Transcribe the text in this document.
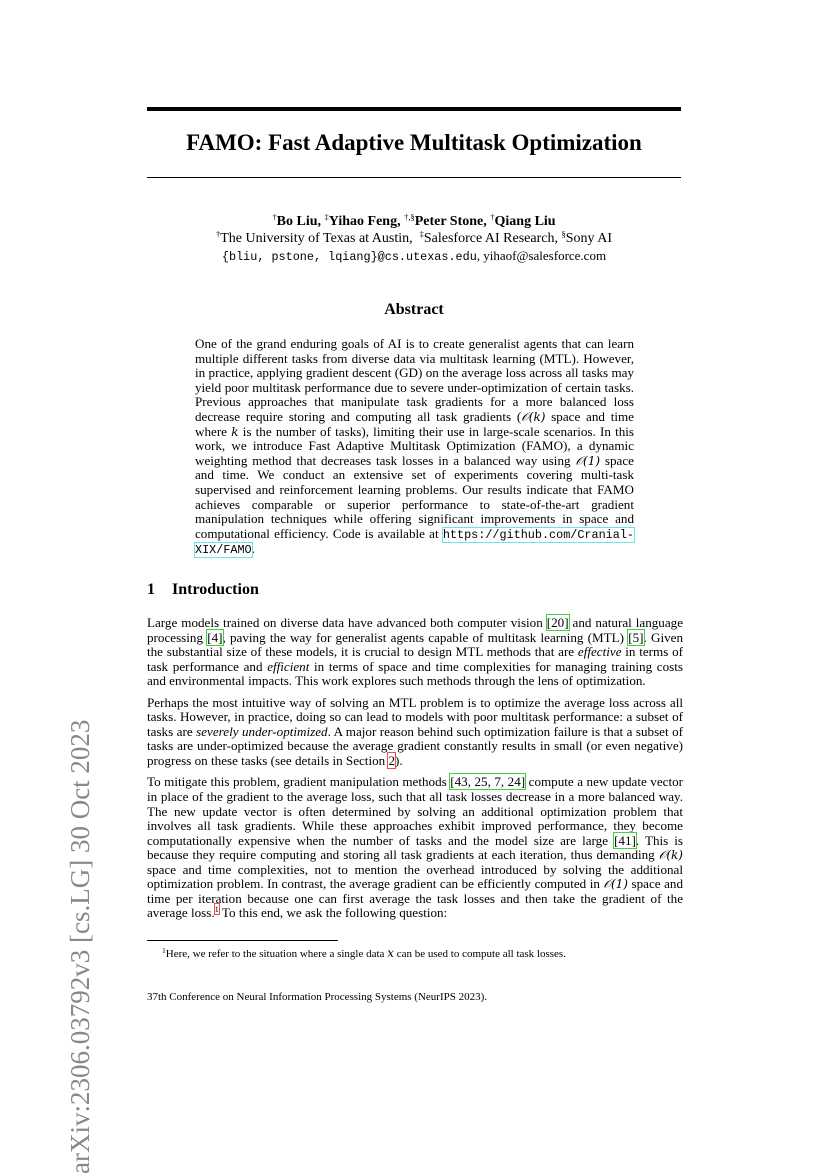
arXiv:2306.03792v3 [cs.LG] 30 Oct 2023
FAMO: Fast Adaptive Multitask Optimization
†Bo Liu, ‡Yihao Feng, †,§Peter Stone, †Qiang Liu
†The University of Texas at Austin,  ‡Salesforce AI Research, §Sony AI
{bliu, pstone, lqiang}@cs.utexas.edu, yihaof@salesforce.com
Abstract
One of the grand enduring goals of AI is to create generalist agents that can learn multiple different tasks from diverse data via multitask learning (MTL). However, in practice, applying gradient descent (GD) on the average loss across all tasks may yield poor multitask performance due to severe under-optimization of certain tasks. Previous approaches that manipulate task gradients for a more balanced loss decrease require storing and computing all task gradients (𝒪(k) space and time where k is the number of tasks), limiting their use in large-scale scenarios. In this work, we introduce Fast Adaptive Multitask Optimization (FAMO), a dynamic weighting method that decreases task losses in a balanced way using 𝒪(1) space and time. We conduct an extensive set of experiments covering multi-task supervised and reinforcement learning problems. Our results indicate that FAMO achieves comparable or superior performance to state-of-the-art gradient manipulation techniques while offering significant improvements in space and computational efficiency. Code is available at https://github.com/Cranial-XIX/FAMO.
1 Introduction

Large models trained on diverse data have advanced both computer vision [20] and natural language processing [4], paving the way for generalist agents capable of multitask learning (MTL) [5]. Given the substantial size of these models, it is crucial to design MTL methods that are effective in terms of task performance and efficient in terms of space and time complexities for managing training costs and environmental impacts. This work explores such methods through the lens of optimization.

Perhaps the most intuitive way of solving an MTL problem is to optimize the average loss across all tasks. However, in practice, doing so can lead to models with poor multitask performance: a subset of tasks are severely under-optimized. A major reason behind such optimization failure is that a subset of tasks are under-optimized because the average gradient constantly results in small (or even negative) progress on these tasks (see details in Section 2).

To mitigate this problem, gradient manipulation methods [43, 25, 7, 24] compute a new update vector in place of the gradient to the average loss, such that all task losses decrease in a more balanced way. The new update vector is often determined by solving an additional optimization problem that involves all task gradients. While these approaches exhibit improved performance, they become computationally expensive when the number of tasks and the model size are large [41]. This is because they require computing and storing all task gradients at each iteration, thus demanding 𝒪(k) space and time complexities, not to mention the overhead introduced by solving the additional optimization problem. In contrast, the average gradient can be efficiently computed in 𝒪(1) space and time per iteration because one can first average the task losses and then take the gradient of the average loss.$^1$ To this end, we ask the following question:

$^1$Here, we refer to the situation where a single data x can be used to compute all task losses.
37th Conference on Neural Information Processing Systems (NeurIPS 2023).
